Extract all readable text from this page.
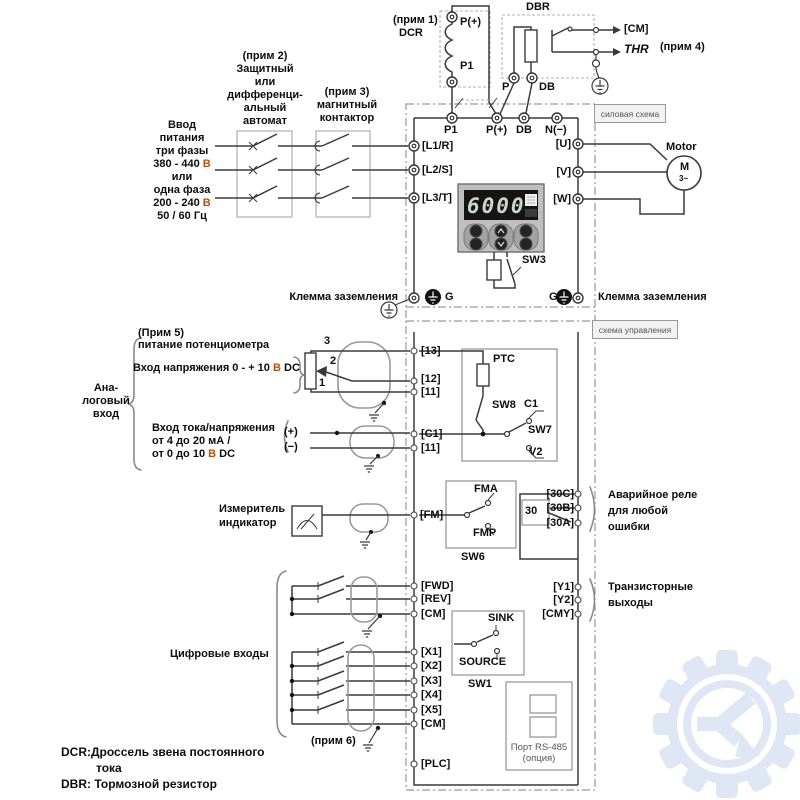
(прим 1)
DCR
P(+)
P1
DBR
P	DB
[CM]
THR (прим 4)
P1	P(+) DB N(−)
силовая схема
схема управления
(прим 2)
Защитный
или
дифференци-
альный
автомат
(прим 3)
магнитный
контактор
Ввод
питания
три фазы
380 - 440 В
или
одна фаза
200 - 240 В
50 / 60 Гц
[L1/R]
[L2/S]
[L3/T]
[U]
[V]
[W]
Motor
M
3~
6000
SW3
Клемма заземления	G	G	Клемма заземления
(Прим 5)
питание потенциометра
Вход напряжения 0 - + 10 В DC
Ана-
логовый
вход
3
2
1
Вход тока/напряжения
от 4 до 20 мА /
от 0 до 10 В DC
(+)
(−)
[13]
[12]
[11]
[C1]
[11]
[FM]
[FWD]
[REV]
[CM]
[X1]
[X2]
[X3]
[X4]
[X5]
[CM]
[PLC]
[30C]
[30B]
[30A]
[Y1]
[Y2]
[CMY]
PTC
SW8 C1
SW7
V2
Измеритель
индикатор
FMA
FMP
SW6
30
Аварийное реле
для любой
ошибки
Транзисторные
выходы
Цифровые входы
SINK
SOURCE
SW1
(прим 6)
Порт RS-485
(опция)
DCR:Дроссель звена постоянного
тока
DBR: Тормозной резистор
